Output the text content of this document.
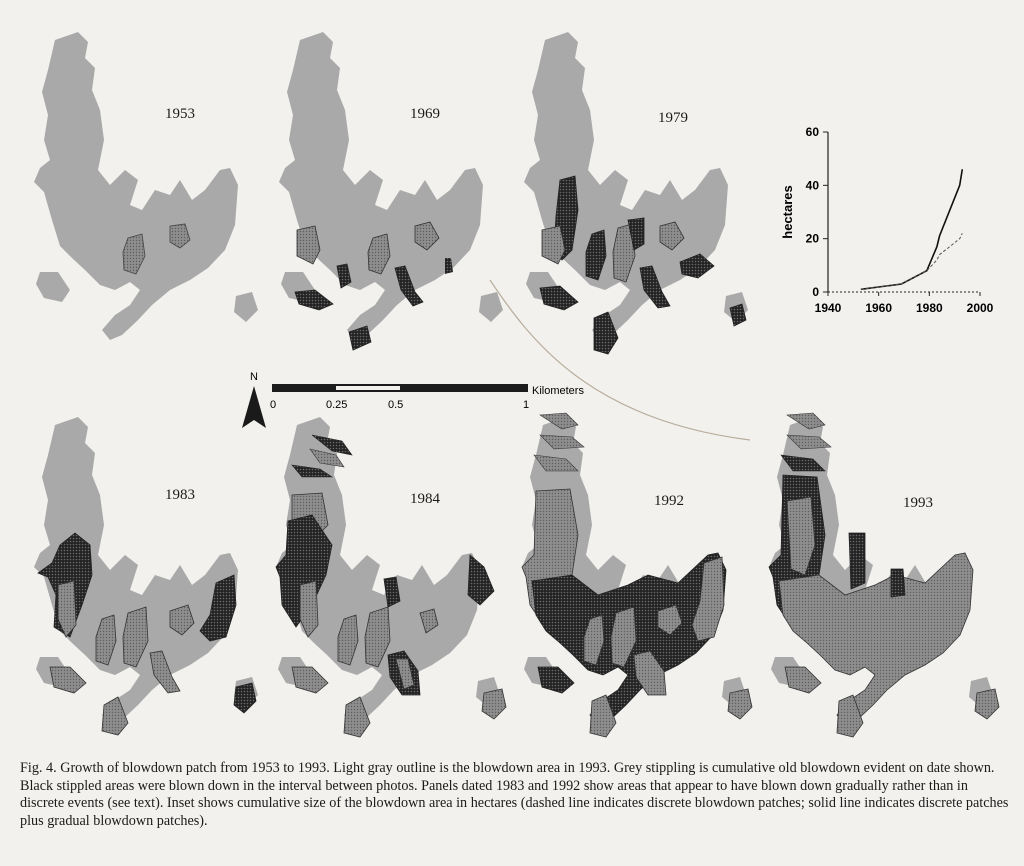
1953	1969	1979
0
20
40
60
1940 1960 1980 2000
hectares
N
0	0.25	0.5	1
Kilometers
1983	1984	1992	1993
Fig. 4. Growth of blowdown patch from 1953 to 1993. Light gray outline is the blowdown area in 1993. Grey stippling is cumulative old blowdown evident on date shown. Black stippled areas were blown down in the interval between photos. Panels dated 1983 and 1992 show areas that appear to have blown down gradually rather than in discrete events (see text). Inset shows cumulative size of the blowdown area in hectares (dashed line indicates discrete blowdown patches; solid line indicates discrete patches plus gradual blowdown patches).
